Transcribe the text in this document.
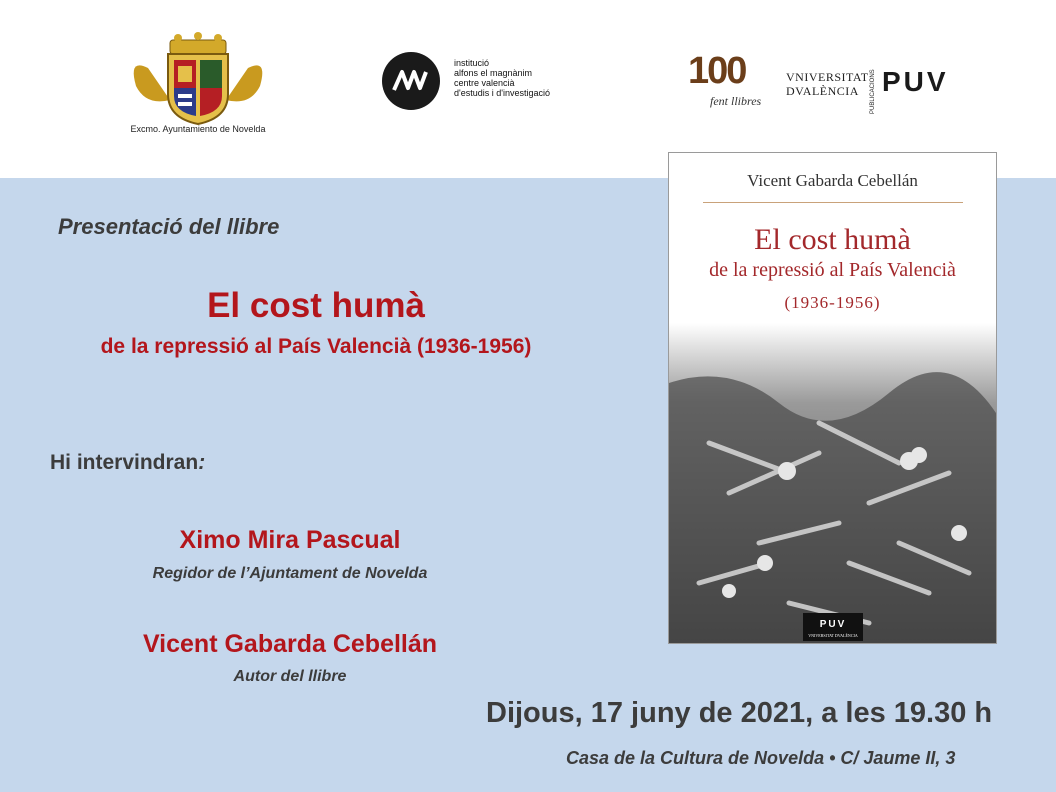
Excmo. Ayuntamiento de Novelda
institució
alfons el magnànim
centre valencià
d'estudis i d'investigació
100
fent llibres
VNIVERSITAT
DVALÈNCIA PUBLICACIONS PUV
Presentació del llibre
El cost humà
de la repressió al País Valencià (1936-1956)
Hi intervindran:
Ximo Mira Pascual
Regidor de l’Ajuntament de Novelda
Vicent Gabarda Cebellán
Autor del llibre
Dijous, 17 juny de 2021, a les 19.30 h
Casa de la Cultura de Novelda • C/ Jaume II, 3
Vicent Gabarda Cebellán
El cost humà
de la repressió al País Valencià
(1936-1956)
PUV
VNIVERSITAT DVALÈNCIA
